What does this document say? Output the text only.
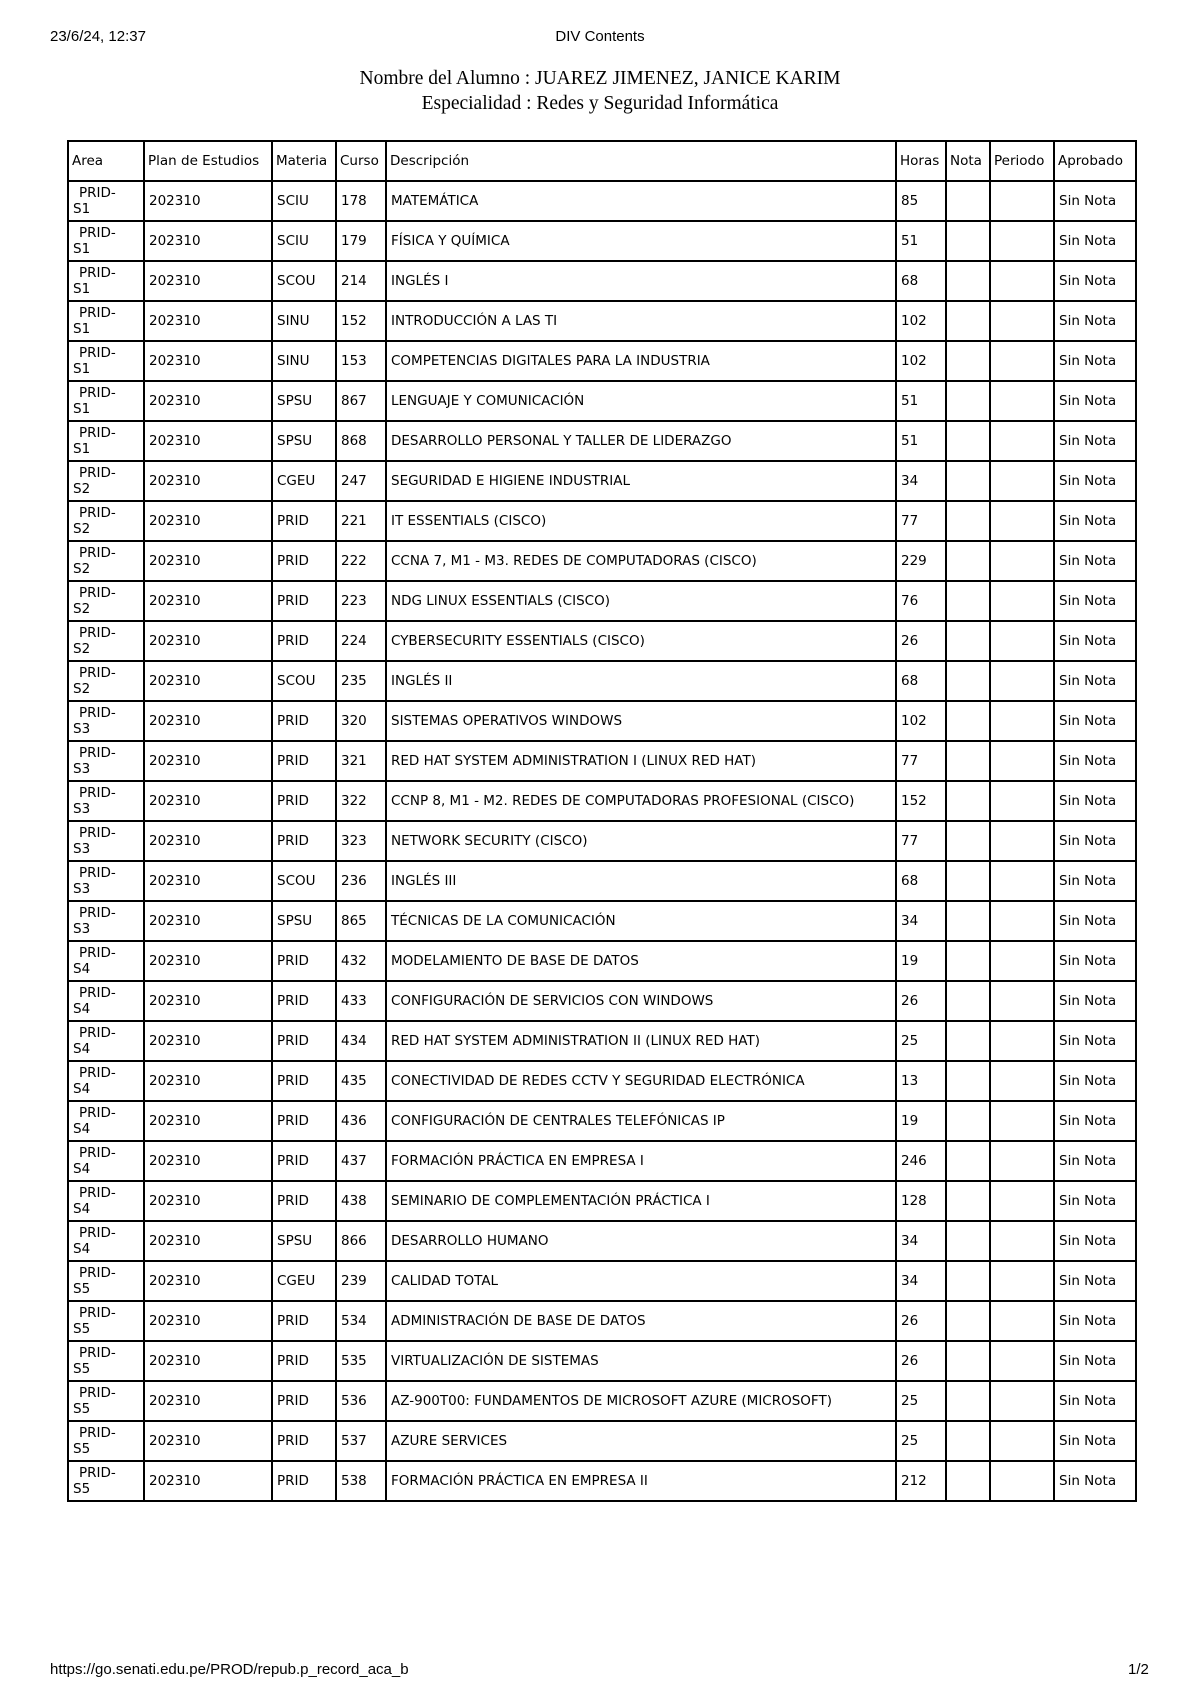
23/6/24, 12:37	DIV Contents
Nombre del Alumno : JUAREZ JIMENEZ, JANICE KARIM
Especialidad : Redes y Seguridad Informática
Area	Plan de Estudios	Materia	Curso	Descripción	Horas	Nota	Periodo	Aprobado

PRID-
S1	202310	SCIU	178	MATEMÁTICA	85			Sin Nota

PRID-
S1	202310	SCIU	179	FÍSICA Y QUÍMICA	51			Sin Nota

PRID-
S1	202310	SCOU	214	INGLÉS I	68			Sin Nota

PRID-
S1	202310	SINU	152	INTRODUCCIÓN A LAS TI	102			Sin Nota

PRID-
S1	202310	SINU	153	COMPETENCIAS DIGITALES PARA LA INDUSTRIA	102			Sin Nota

PRID-
S1	202310	SPSU	867	LENGUAJE Y COMUNICACIÓN	51			Sin Nota

PRID-
S1	202310	SPSU	868	DESARROLLO PERSONAL Y TALLER DE LIDERAZGO	51			Sin Nota

PRID-
S2	202310	CGEU	247	SEGURIDAD E HIGIENE INDUSTRIAL	34			Sin Nota

PRID-
S2	202310	PRID	221	IT ESSENTIALS (CISCO)	77			Sin Nota

PRID-
S2	202310	PRID	222	CCNA 7, M1 - M3. REDES DE COMPUTADORAS (CISCO)	229			Sin Nota

PRID-
S2	202310	PRID	223	NDG LINUX ESSENTIALS (CISCO)	76			Sin Nota

PRID-
S2	202310	PRID	224	CYBERSECURITY ESSENTIALS (CISCO)	26			Sin Nota

PRID-
S2	202310	SCOU	235	INGLÉS II	68			Sin Nota

PRID-
S3	202310	PRID	320	SISTEMAS OPERATIVOS WINDOWS	102			Sin Nota

PRID-
S3	202310	PRID	321	RED HAT SYSTEM ADMINISTRATION I (LINUX RED HAT)	77			Sin Nota

PRID-
S3	202310	PRID	322	CCNP 8, M1 - M2. REDES DE COMPUTADORAS PROFESIONAL (CISCO)	152			Sin Nota

PRID-
S3	202310	PRID	323	NETWORK SECURITY (CISCO)	77			Sin Nota

PRID-
S3	202310	SCOU	236	INGLÉS III	68			Sin Nota

PRID-
S3	202310	SPSU	865	TÉCNICAS DE LA COMUNICACIÓN	34			Sin Nota

PRID-
S4	202310	PRID	432	MODELAMIENTO DE BASE DE DATOS	19			Sin Nota

PRID-
S4	202310	PRID	433	CONFIGURACIÓN DE SERVICIOS CON WINDOWS	26			Sin Nota

PRID-
S4	202310	PRID	434	RED HAT SYSTEM ADMINISTRATION II (LINUX RED HAT)	25			Sin Nota

PRID-
S4	202310	PRID	435	CONECTIVIDAD DE REDES CCTV Y SEGURIDAD ELECTRÓNICA	13			Sin Nota

PRID-
S4	202310	PRID	436	CONFIGURACIÓN DE CENTRALES TELEFÓNICAS IP	19			Sin Nota

PRID-
S4	202310	PRID	437	FORMACIÓN PRÁCTICA EN EMPRESA I	246			Sin Nota

PRID-
S4	202310	PRID	438	SEMINARIO DE COMPLEMENTACIÓN PRÁCTICA I	128			Sin Nota

PRID-
S4	202310	SPSU	866	DESARROLLO HUMANO	34			Sin Nota

PRID-
S5	202310	CGEU	239	CALIDAD TOTAL	34			Sin Nota

PRID-
S5	202310	PRID	534	ADMINISTRACIÓN DE BASE DE DATOS	26			Sin Nota

PRID-
S5	202310	PRID	535	VIRTUALIZACIÓN DE SISTEMAS	26			Sin Nota

PRID-
S5	202310	PRID	536	AZ-900T00: FUNDAMENTOS DE MICROSOFT AZURE (MICROSOFT)	25			Sin Nota

PRID-
S5	202310	PRID	537	AZURE SERVICES	25			Sin Nota

PRID-
S5	202310	PRID	538	FORMACIÓN PRÁCTICA EN EMPRESA II	212			Sin Nota
https://go.senati.edu.pe/PROD/repub.p_record_aca_b	1/2
